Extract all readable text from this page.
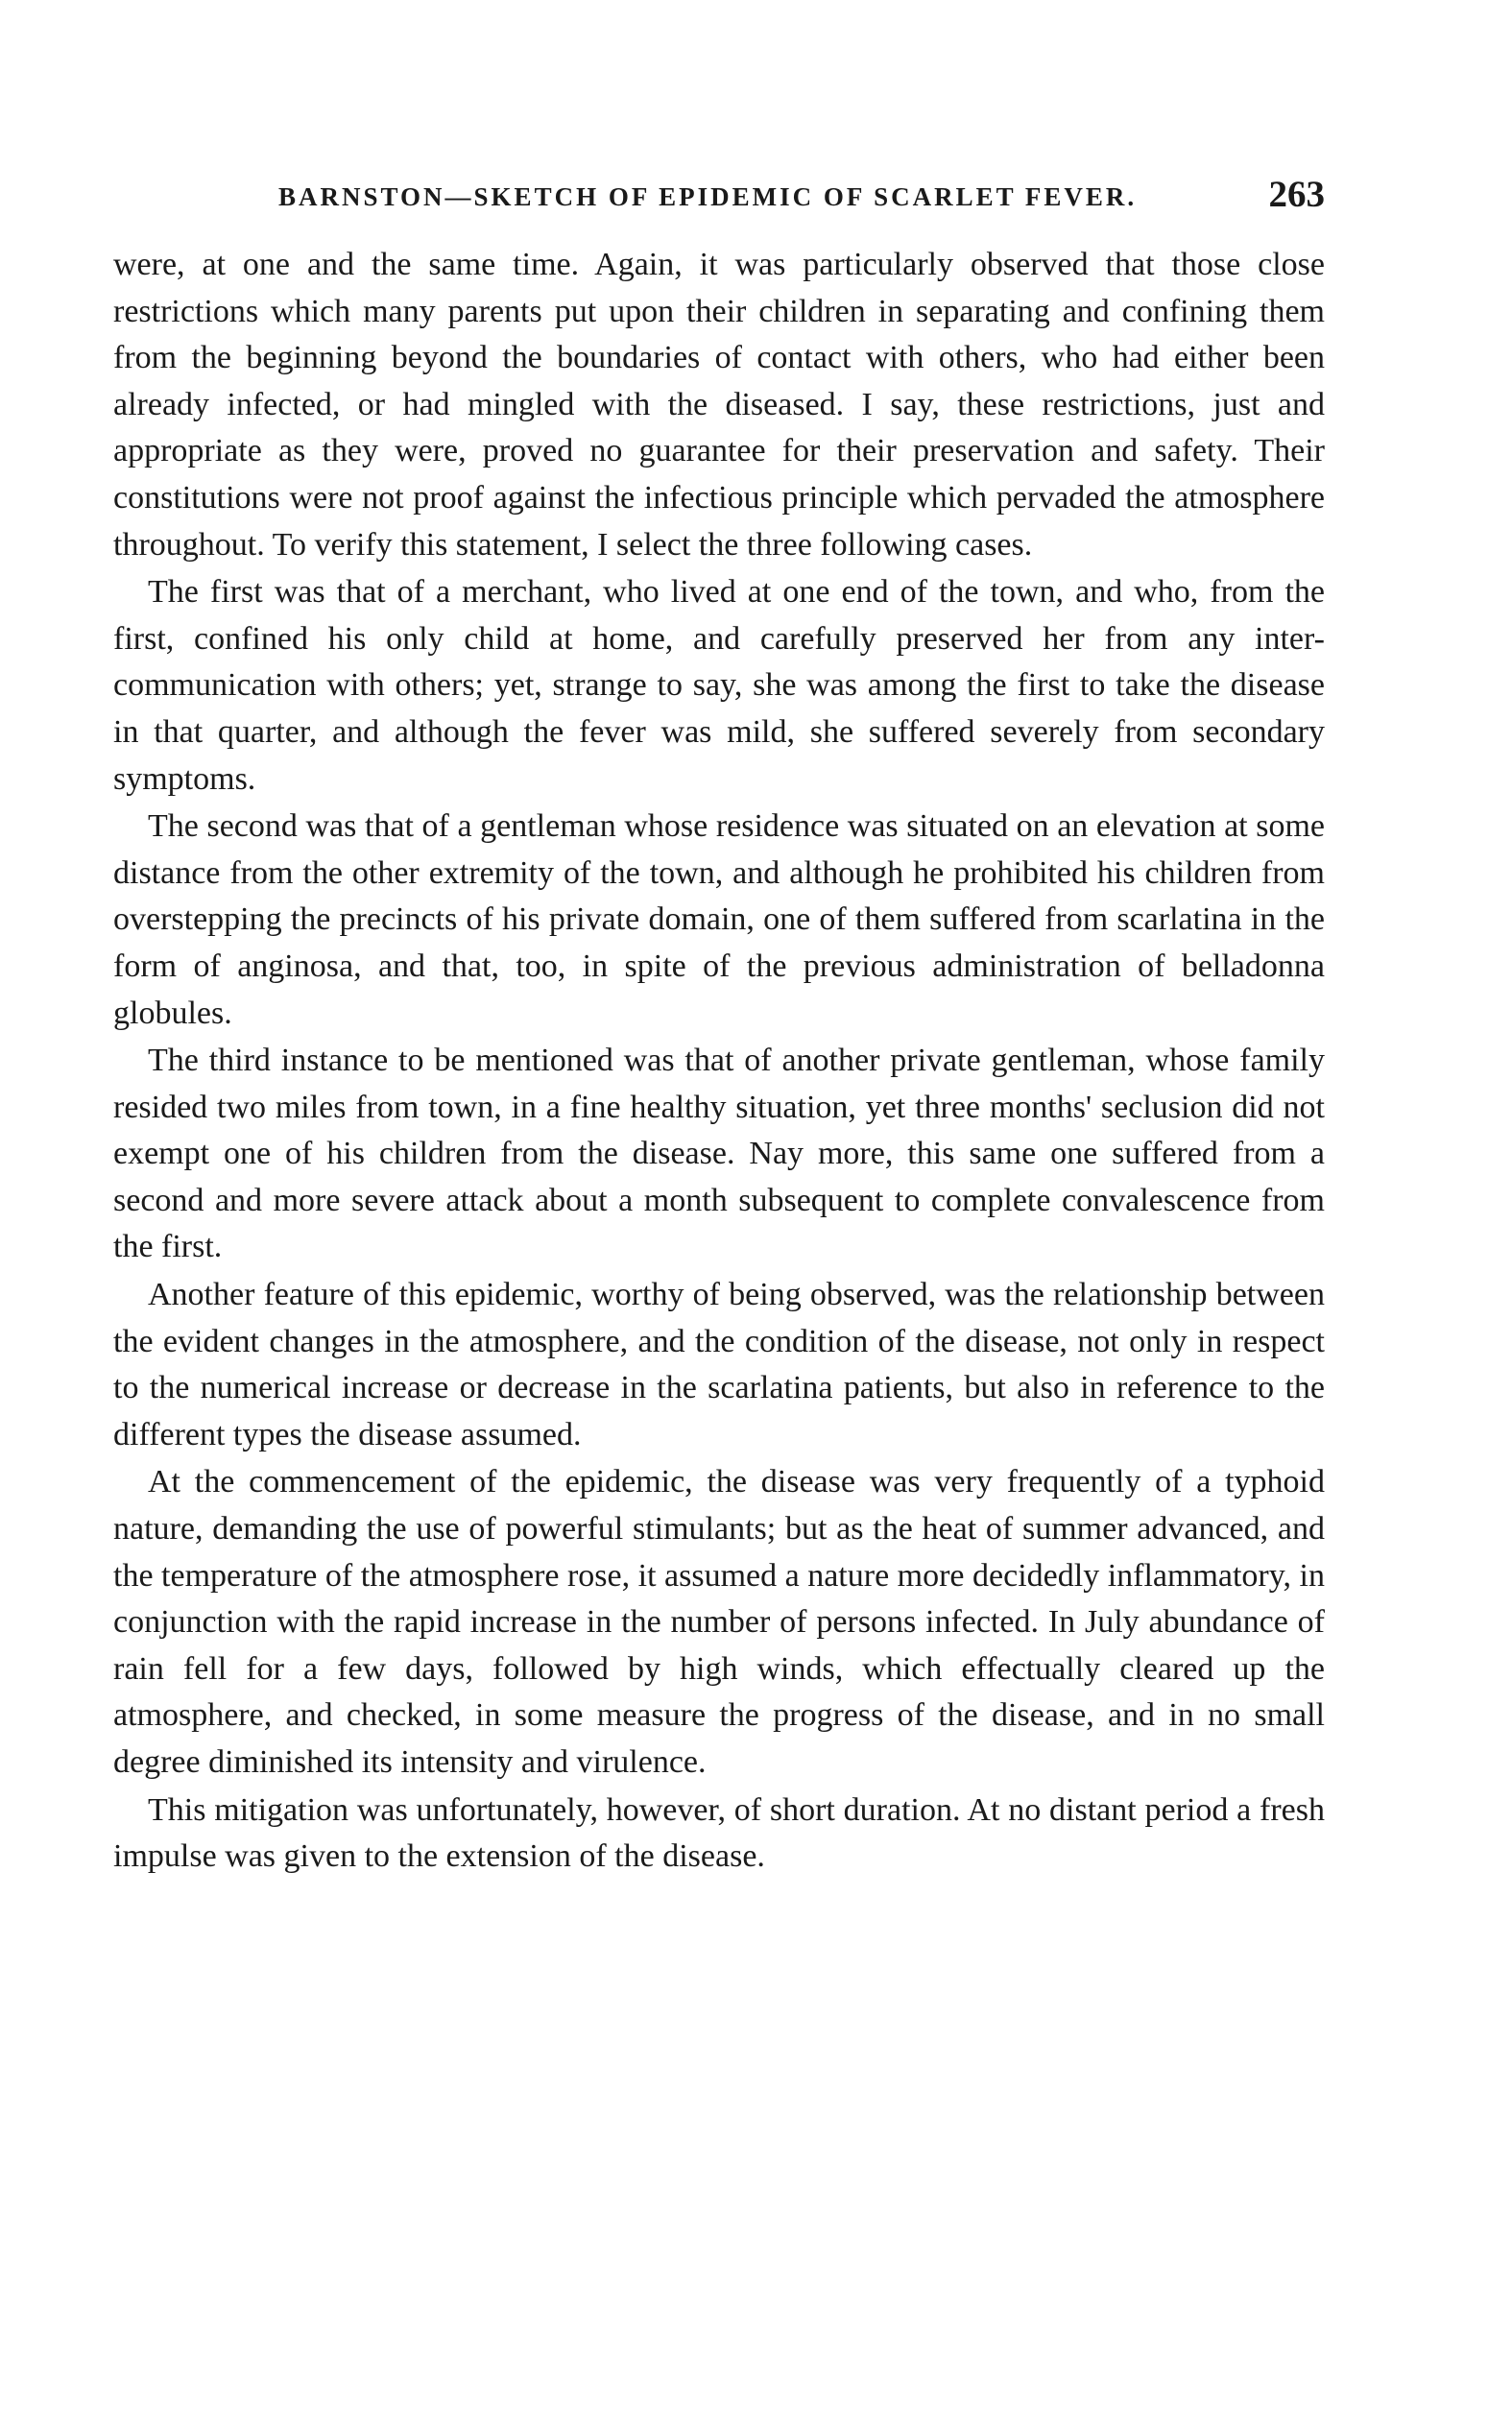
BARNSTON—SKETCH OF EPIDEMIC OF SCARLET FEVER.	263

were, at one and the same time. Again, it was particularly observed that those close restrictions which many parents put upon their children in separating and confining them from the beginning beyond the boundaries of contact with others, who had either been already infected, or had mingled with the diseased. I say, these restrictions, just and appropriate as they were, proved no guarantee for their preservation and safety. Their constitutions were not proof against the infectious principle which pervaded the atmosphere throughout. To verify this statement, I select the three following cases.

The first was that of a merchant, who lived at one end of the town, and who, from the first, confined his only child at home, and carefully preserved her from any inter-communication with others; yet, strange to say, she was among the first to take the disease in that quarter, and although the fever was mild, she suffered severely from secondary symptoms.

The second was that of a gentleman whose residence was situated on an elevation at some distance from the other extremity of the town, and although he prohibited his children from overstepping the precincts of his private domain, one of them suffered from scarlatina in the form of anginosa, and that, too, in spite of the previous administration of belladonna globules.

The third instance to be mentioned was that of another private gentleman, whose family resided two miles from town, in a fine healthy situation, yet three months' seclusion did not exempt one of his children from the disease. Nay more, this same one suffered from a second and more severe attack about a month subsequent to complete convalescence from the first.

Another feature of this epidemic, worthy of being observed, was the relationship between the evident changes in the atmosphere, and the condition of the disease, not only in respect to the numerical increase or decrease in the scarlatina patients, but also in reference to the different types the disease assumed.

At the commencement of the epidemic, the disease was very frequently of a typhoid nature, demanding the use of powerful stimulants; but as the heat of summer advanced, and the temperature of the atmosphere rose, it assumed a nature more decidedly inflammatory, in conjunction with the rapid increase in the number of persons infected. In July abundance of rain fell for a few days, followed by high winds, which effectually cleared up the atmosphere, and checked, in some measure the progress of the disease, and in no small degree diminished its intensity and virulence.

This mitigation was unfortunately, however, of short duration. At no distant period a fresh impulse was given to the extension of the disease.
